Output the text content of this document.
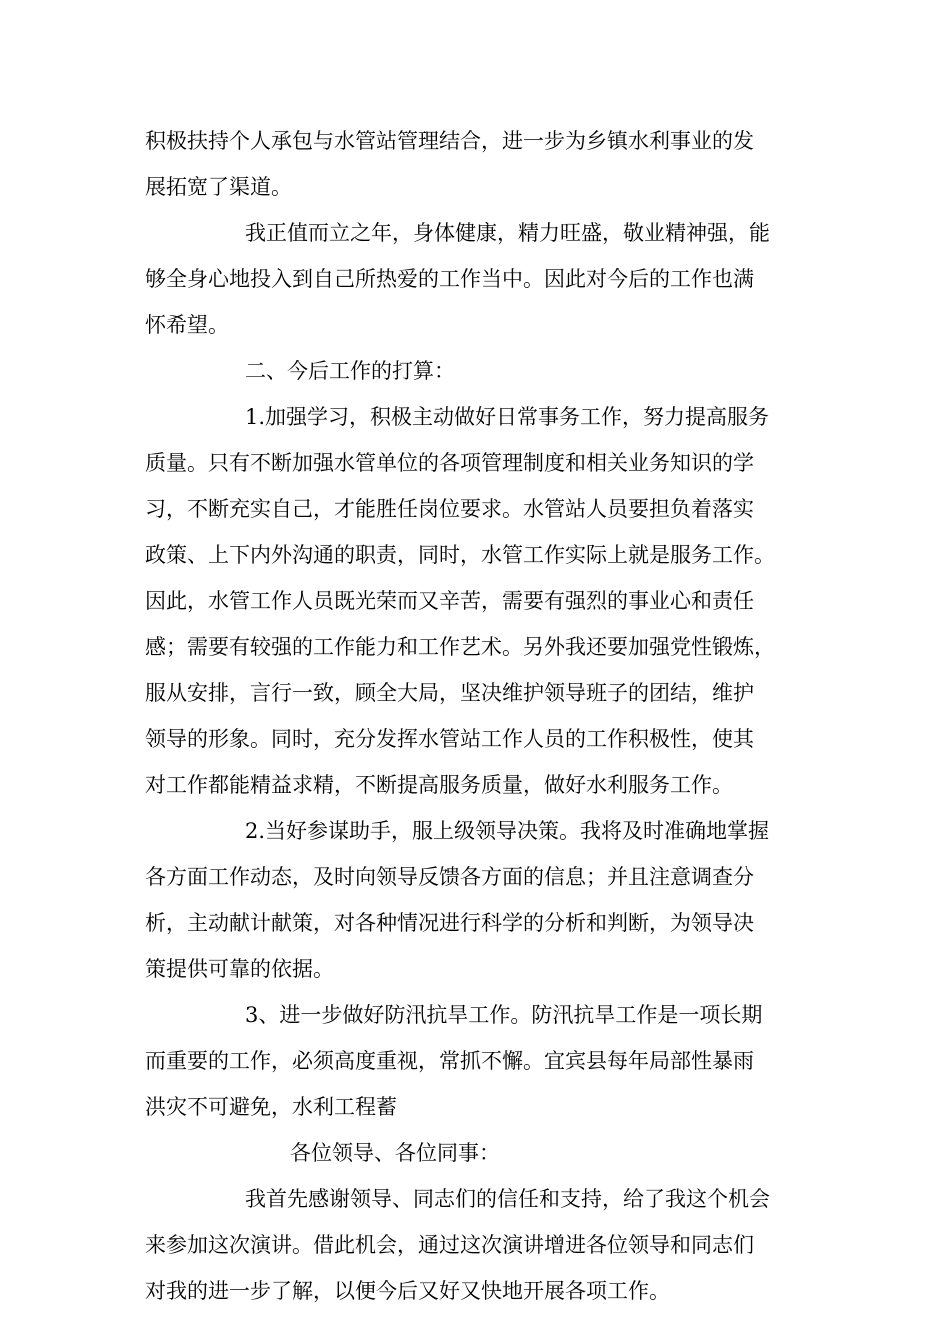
积极扶持个人承包与水管站管理结合，进一步为乡镇水利事业的发
展拓宽了渠道。
我正值而立之年，身体健康，精力旺盛，敬业精神强，能
够全身心地投入到自己所热爱的工作当中。因此对今后的工作也满
怀希望。
二、今后工作的打算：
1.加强学习，积极主动做好日常事务工作，努力提高服务
质量。只有不断加强水管单位的各项管理制度和相关业务知识的学
习，不断充实自己，才能胜任岗位要求。水管站人员要担负着落实
政策、上下内外沟通的职责，同时，水管工作实际上就是服务工作。
因此，水管工作人员既光荣而又辛苦，需要有强烈的事业心和责任
感；需要有较强的工作能力和工作艺术。另外我还要加强党性锻炼，
服从安排，言行一致，顾全大局，坚决维护领导班子的团结，维护
领导的形象。同时，充分发挥水管站工作人员的工作积极性，使其
对工作都能精益求精，不断提高服务质量，做好水利服务工作。
2.当好参谋助手，服上级领导决策。我将及时准确地掌握
各方面工作动态，及时向领导反馈各方面的信息；并且注意调查分
析，主动献计献策，对各种情况进行科学的分析和判断，为领导决
策提供可靠的依据。
3、进一步做好防汛抗旱工作。防汛抗旱工作是一项长期
而重要的工作，必须高度重视，常抓不懈。宜宾县每年局部性暴雨
洪灾不可避免，水利工程蓄
各位领导、各位同事：
我首先感谢领导、同志们的信任和支持，给了我这个机会
来参加这次演讲。借此机会，通过这次演讲增进各位领导和同志们
对我的进一步了解，以便今后又好又快地开展各项工作。
